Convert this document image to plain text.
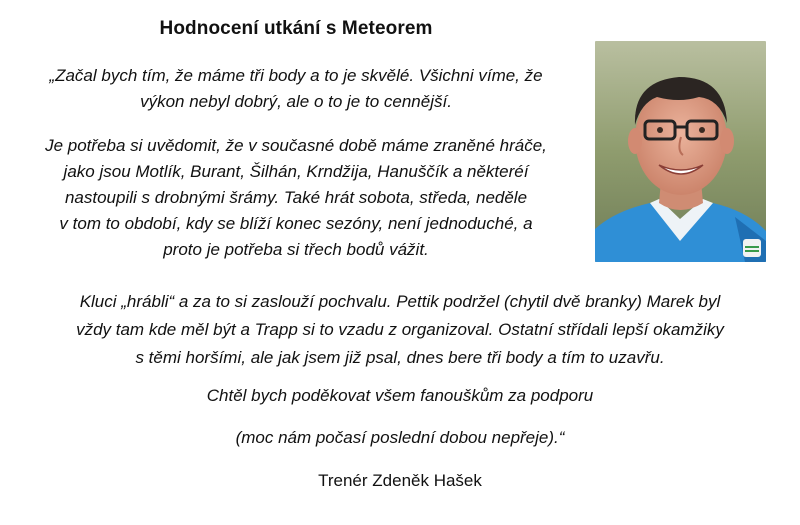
Hodnocení utkání s Meteorem

„Začal bych tím, že máme tři body a to je skvělé. Všichni víme, že
výkon nebyl dobrý, ale o to je to cennější.

Je potřeba si uvědomit, že v současné době máme zraněné hráče,
jako jsou Motlík, Burant, Šilhán, Krndžija, Hanuščík a některéí
nastoupili s drobnými šrámy. Také hrát sobota, středa, neděle
v tom to období, kdy se blíží konec sezóny, není jednoduché, a
proto je potřeba si třech bodů vážit.

Kluci „hrábli“ a za to si zaslouží pochvalu. Pettik podržel (chytil dvě branky) Marek byl
vždy tam kde měl být a Trapp si to vzadu z organizoval. Ostatní střídali lepší okamžiky
s těmi horšími, ale jak jsem již psal, dnes bere tři body a tím to uzavřu.

Chtěl bych poděkovat všem fanouškům za podporu

(moc nám počasí poslední dobou nepřeje).“

Trenér Zdeněk Hašek
